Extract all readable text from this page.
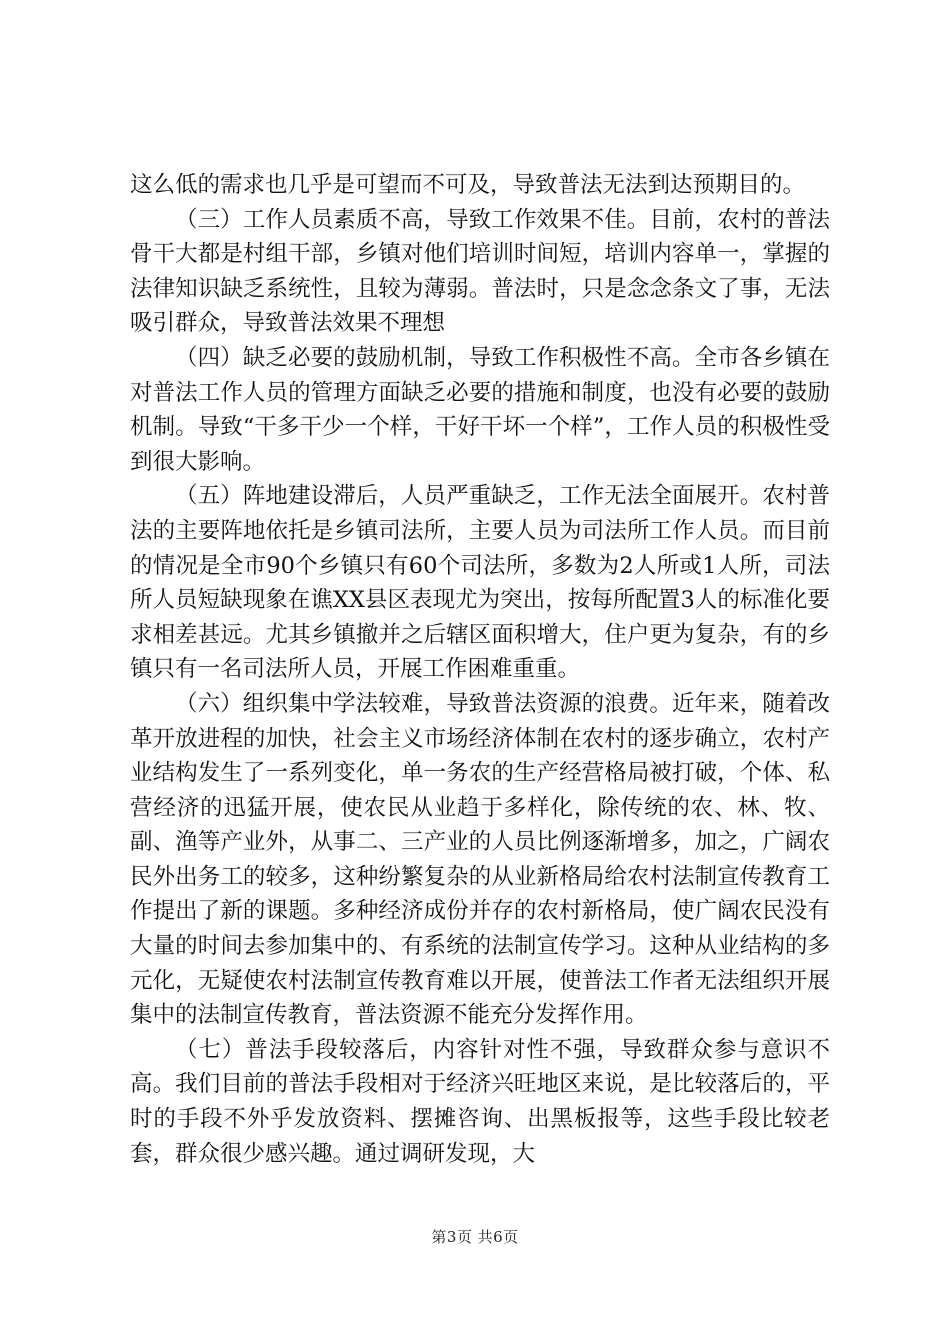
这么低的需求也几乎是可望而不可及，导致普法无法到达预期目的。

（三）工作人员素质不高，导致工作效果不佳。目前，农村的普法骨干大都是村组干部，乡镇对他们培训时间短，培训内容单一，掌握的法律知识缺乏系统性，且较为薄弱。普法时，只是念念条文了事，无法吸引群众，导致普法效果不理想

（四）缺乏必要的鼓励机制，导致工作积极性不高。全市各乡镇在对普法工作人员的管理方面缺乏必要的措施和制度，也没有必要的鼓励机制。导致“干多干少一个样，干好干坏一个样”，工作人员的积极性受到很大影响。

（五）阵地建设滞后，人员严重缺乏，工作无法全面展开。农村普法的主要阵地依托是乡镇司法所，主要人员为司法所工作人员。而目前的情况是全市90个乡镇只有60个司法所，多数为2人所或1人所，司法所人员短缺现象在谯XX县区表现尤为突出，按每所配置3人的标准化要求相差甚远。尤其乡镇撤并之后辖区面积增大，住户更为复杂，有的乡镇只有一名司法所人员，开展工作困难重重。

（六）组织集中学法较难，导致普法资源的浪费。近年来，随着改革开放进程的加快，社会主义市场经济体制在农村的逐步确立，农村产业结构发生了一系列变化，单一务农的生产经营格局被打破，个体、私营经济的迅猛开展，使农民从业趋于多样化，除传统的农、林、牧、副、渔等产业外，从事二、三产业的人员比例逐渐增多，加之，广阔农民外出务工的较多，这种纷繁复杂的从业新格局给农村法制宣传教育工作提出了新的课题。多种经济成份并存的农村新格局，使广阔农民没有大量的时间去参加集中的、有系统的法制宣传学习。这种从业结构的多元化，无疑使农村法制宣传教育难以开展，使普法工作者无法组织开展集中的法制宣传教育，普法资源不能充分发挥作用。

（七）普法手段较落后，内容针对性不强，导致群众参与意识不高。我们目前的普法手段相对于经济兴旺地区来说，是比较落后的，平时的手段不外乎发放资料、摆摊咨询、出黑板报等，这些手段比较老套，群众很少感兴趣。通过调研发现，大

第3页 共6页
